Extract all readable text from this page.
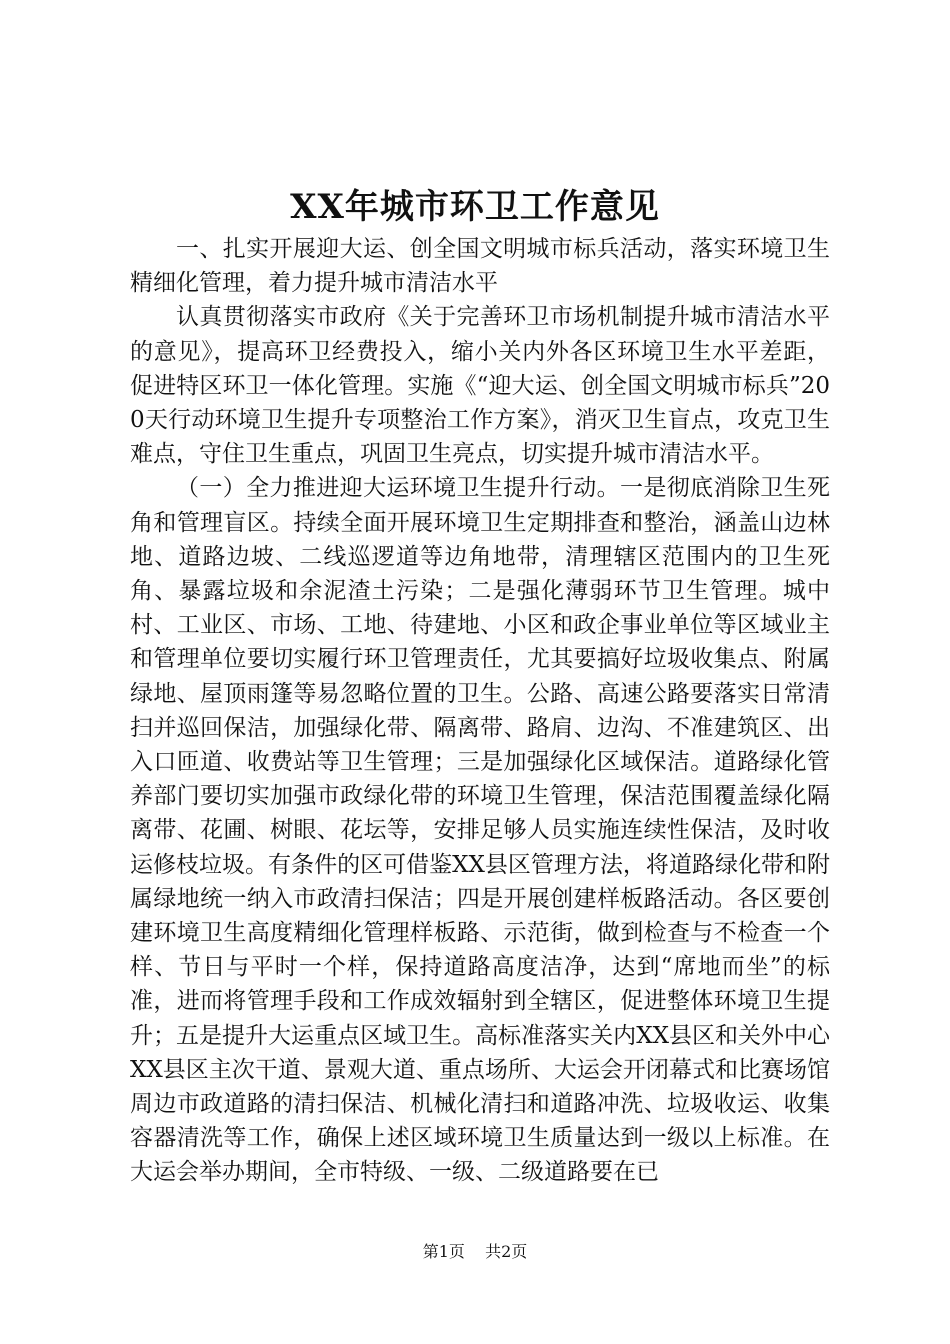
XX年城市环卫工作意见

一、扎实开展迎大运、创全国文明城市标兵活动，落实环境卫生精细化管理，着力提升城市清洁水平

认真贯彻落实市政府《关于完善环卫市场机制提升城市清洁水平的意见》，提高环卫经费投入，缩小关内外各区环境卫生水平差距，促进特区环卫一体化管理。实施《“迎大运、创全国文明城市标兵”200天行动环境卫生提升专项整治工作方案》，消灭卫生盲点，攻克卫生难点，守住卫生重点，巩固卫生亮点，切实提升城市清洁水平。

（一）全力推进迎大运环境卫生提升行动。一是彻底消除卫生死角和管理盲区。持续全面开展环境卫生定期排查和整治，涵盖山边林地、道路边坡、二线巡逻道等边角地带，清理辖区范围内的卫生死角、暴露垃圾和余泥渣土污染；二是强化薄弱环节卫生管理。城中村、工业区、市场、工地、待建地、小区和政企事业单位等区域业主和管理单位要切实履行环卫管理责任，尤其要搞好垃圾收集点、附属绿地、屋顶雨篷等易忽略位置的卫生。公路、高速公路要落实日常清扫并巡回保洁，加强绿化带、隔离带、路肩、边沟、不准建筑区、出入口匝道、收费站等卫生管理；三是加强绿化区域保洁。道路绿化管养部门要切实加强市政绿化带的环境卫生管理，保洁范围覆盖绿化隔离带、花圃、树眼、花坛等，安排足够人员实施连续性保洁，及时收运修枝垃圾。有条件的区可借鉴XX县区管理方法，将道路绿化带和附属绿地统一纳入市政清扫保洁；四是开展创建样板路活动。各区要创建环境卫生高度精细化管理样板路、示范街，做到检查与不检查一个样、节日与平时一个样，保持道路高度洁净，达到“席地而坐”的标准，进而将管理手段和工作成效辐射到全辖区，促进整体环境卫生提升；五是提升大运重点区域卫生。高标准落实关内XX县区和关外中心XX县区主次干道、景观大道、重点场所、大运会开闭幕式和比赛场馆周边市政道路的清扫保洁、机械化清扫和道路冲洗、垃圾收运、收集容器清洗等工作，确保上述区域环境卫生质量达到一级以上标准。在大运会举办期间，全市特级、一级、二级道路要在已

第1页 共2页
